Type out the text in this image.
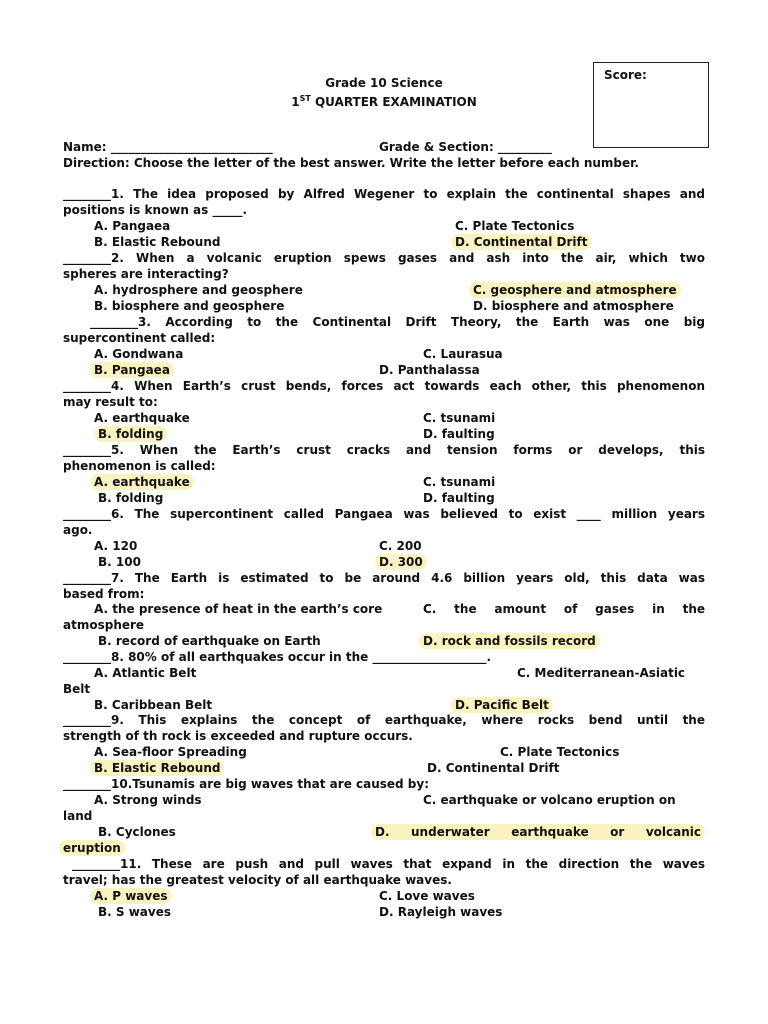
Score:
Grade 10 Science
1ST QUARTER EXAMINATION
Name: ___________________________	Grade & Section: _________
Direction: Choose the letter of the best answer. Write the letter before each number.
________1. The idea proposed by Alfred Wegener to explain the continental shapes and
positions is known as _____.
A. Pangaea	C. Plate Tectonics
B. Elastic Rebound	D. Continental Drift
________2. When a volcanic eruption spews gases and ash into the air, which two
spheres are interacting?
A. hydrosphere and geosphere	C. geosphere and atmosphere
B. biosphere and geosphere	D. biosphere and atmosphere
________3. According to the Continental Drift Theory, the Earth was one big
supercontinent called:
A. Gondwana	C. Laurasua
B. Pangaea	D. Panthalassa
________4. When Earth’s crust bends, forces act towards each other, this phenomenon
may result to:
A. earthquake	C. tsunami
B. folding	D. faulting
________5. When the Earth’s crust cracks and tension forms or develops, this
phenomenon is called:
A. earthquake	C. tsunami
B. folding	D. faulting
________6. The supercontinent called Pangaea was believed to exist ____ million years
ago.
A. 120	C. 200
B. 100	D. 300
________7. The Earth is estimated to be around 4.6 billion years old, this data was
based from:
A. the presence of heat in the earth’s core	C. the amount of gases in the
atmosphere
B. record of earthquake on Earth	D. rock and fossils record
________8. 80% of all earthquakes occur in the ___________________.
A. Atlantic Belt	C. Mediterranean-Asiatic
Belt
B. Caribbean Belt	D. Pacific Belt
________9. This explains the concept of earthquake, where rocks bend until the
strength of th rock is exceeded and rupture occurs.
A. Sea-floor Spreading	C. Plate Tectonics
B. Elastic Rebound	D. Continental Drift
________10.Tsunamis are big waves that are caused by:
A. Strong winds	C. earthquake or volcano eruption on
land
B. Cyclones	D. underwater earthquake or volcanic
eruption
________11. These are push and pull waves that expand in the direction the waves
travel; has the greatest velocity of all earthquake waves.
A. P waves	C. Love waves
B. S waves	D. Rayleigh waves
